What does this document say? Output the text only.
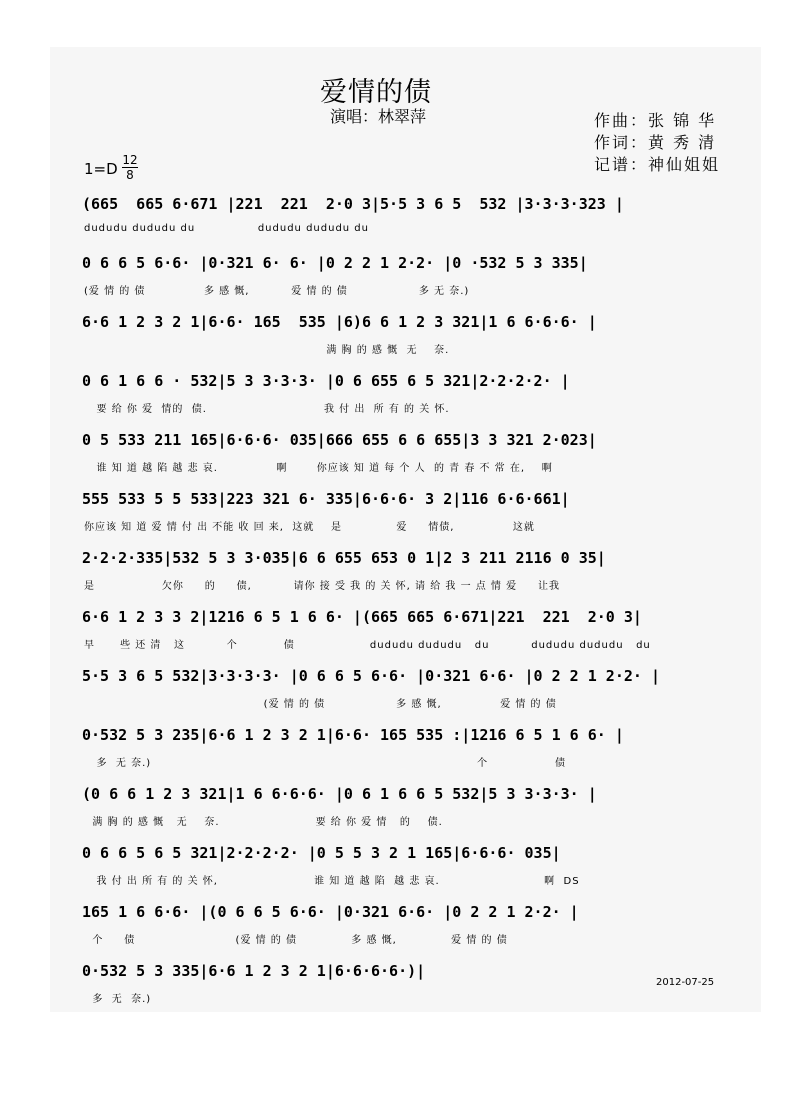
爱情的债
演唱：林翠萍	作曲：张 锦 华
作词：黄 秀 清
记谱：神仙姐姐
1=D 12
8
(665  665 6·671 |221  221  2·0 3|5·5 3 6 5  532 |3·3·3·323 |
dududu dududu du               dududu dududu du
0 6 6 5 6·6· |0·321 6· 6· |0 2 2 1 2·2· |0 ·532 5 3 335|
(爱 情 的 债              多 感 慨,          爱 情 的 债                 多 无 奈.)
6·6 1 2 3 2 1|6·6· 165  535 |6)6 6 1 2 3 321|1 6 6·6·6· |
满 胸 的 感 慨  无    奈.
0 6 1 6 6 · 532|5 3 3·3·3· |0 6 655 6 5 321|2·2·2·2· |
要 给 你 爱  情的  债.                            我 付 出  所 有 的 关 怀.
0 5 533 211 165|6·6·6· 035|666 655 6 6 655|3 3 321 2·023|
谁 知 道 越 陷 越 悲 哀.              啊       你应该 知 道 每 个 人  的 青 春 不 常 在,    啊
555 533 5 5 533|223 321 6· 335|6·6·6· 3 2|116 6·6·661|
你应该 知 道 爱 情 付 出 不能 收 回 来,  这就    是             爱     情债,              这就
2·2·2·335|532 5 3 3·035|6 6 655 653 0 1|2 3 211 2116 0 35|
是                欠你     的     债,          请你 接 受 我 的 关 怀, 请 给 我 一 点 情 爱     让我
6·6 1 2 3 3 2|1216 6 5 1 6 6· |(665 665 6·671|221  221  2·0 3|
早      些 还 清   这          个           债                  dududu dududu   du          dududu dududu   du
5·5 3 6 5 532|3·3·3·3· |0 6 6 5 6·6· |0·321 6·6· |0 2 2 1 2·2· |
(爱 情 的 债                 多 感 慨,              爱 情 的 债
0·532 5 3 235|6·6 1 2 3 2 1|6·6· 165 535 :|1216 6 5 1 6 6· |
多  无 奈.)                                                                              个                债
(0 6 6 1 2 3 321|1 6 6·6·6· |0 6 1 6 6 5 532|5 3 3·3·3· |
满 胸 的 感 慨   无    奈.                       要 给 你 爱 情   的    债.
0 6 6 5 6 5 321|2·2·2·2· |0 5 5 3 2 1 165|6·6·6· 035|
我 付 出 所 有 的 关 怀,                       谁 知 道 越 陷  越 悲 哀.                         啊  DS
165 1 6 6·6· |(0 6 6 5 6·6· |0·321 6·6· |0 2 2 1 2·2· |
个     债                        (爱 情 的 债             多 感 慨,             爱 情 的 债
0·532 5 3 335|6·6 1 2 3 2 1|6·6·6·6·)|
多  无  奈.)
2012-07-25
